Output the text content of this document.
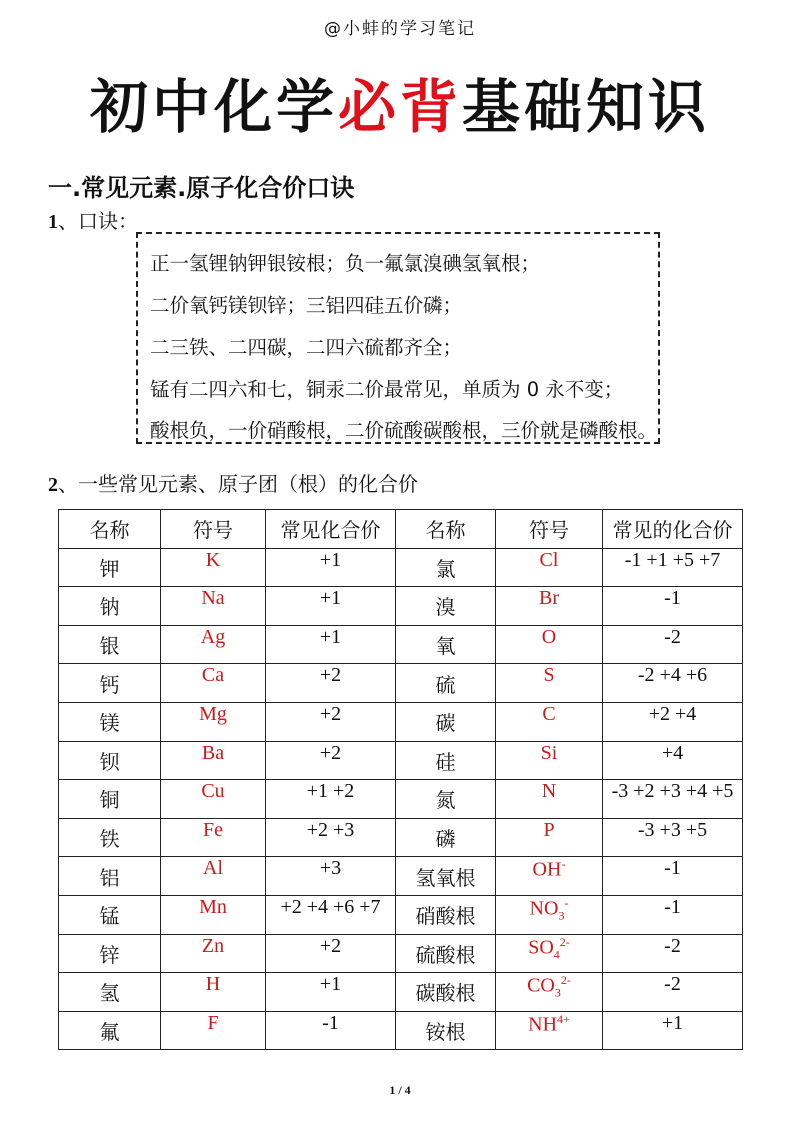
@小蚌的学习笔记
初中化学必背基础知识
一.常见元素.原子化合价口诀
1、口诀：
正一氢锂钠钾银铵根；负一氟氯溴碘氢氧根；
二价氧钙镁钡锌；三铝四硅五价磷；
二三铁、二四碳，二四六硫都齐全；
锰有二四六和七，铜汞二价最常见，单质为 0 永不变；
酸根负，一价硝酸根，二价硫酸碳酸根，三价就是磷酸根。
2、一些常见元素、原子团（根）的化合价
名称	符号	常见化合价	名称	符号	常见的化合价
钾	K	+1	氯	Cl	-1 +1 +5 +7
钠	Na	+1	溴	Br	-1
银	Ag	+1	氧	O	-2
钙	Ca	+2	硫	S	-2 +4 +6
镁	Mg	+2	碳	C	+2 +4
钡	Ba	+2	硅	Si	+4
铜	Cu	+1 +2	氮	N	-3 +2 +3 +4 +5
铁	Fe	+2 +3	磷	P	-3 +3 +5
铝	Al	+3	氢氧根	OH-	-1
锰	Mn	+2 +4 +6 +7	硝酸根	$NO_3^-$	-1
锌	Zn	+2	硫酸根	$SO_4^{2-}$	-2
氢	H	+1	碳酸根	$CO_3^{2-}$	-2
氟	F	-1	铵根	$NH^{4+}$	+1
1 / 4
